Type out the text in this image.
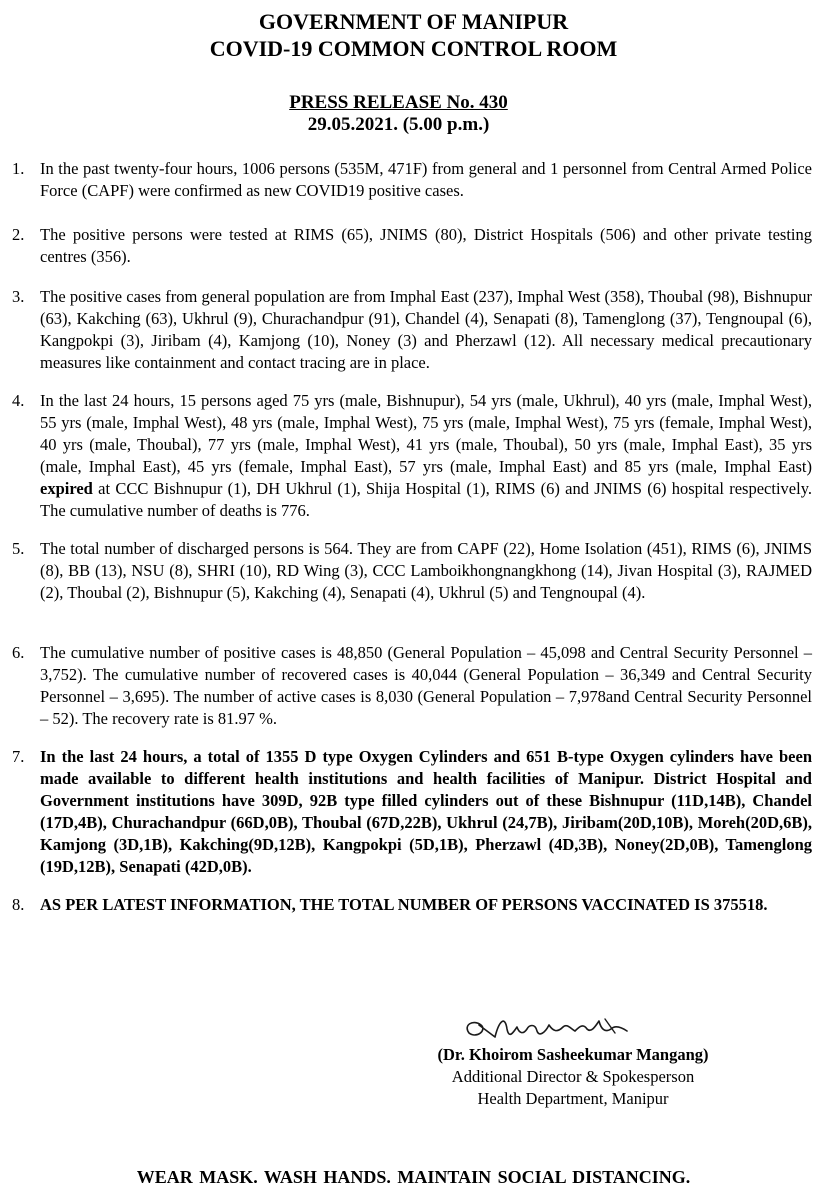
GOVERNMENT OF MANIPUR
COVID-19 COMMON CONTROL ROOM
PRESS RELEASE No. 430
29.05.2021. (5.00 p.m.)
1. In the past twenty-four hours, 1006 persons (535M, 471F) from general and 1 personnel from Central Armed Police Force (CAPF) were confirmed as new COVID19 positive cases.
2. The positive persons were tested at RIMS (65), JNIMS (80), District Hospitals (506) and other private testing centres (356).
3. The positive cases from general population are from Imphal East (237), Imphal West (358), Thoubal (98), Bishnupur (63), Kakching (63), Ukhrul (9), Churachandpur (91), Chandel (4), Senapati (8), Tamenglong (37), Tengnoupal (6), Kangpokpi (3), Jiribam (4), Kamjong (10), Noney (3) and Pherzawl (12). All necessary medical precautionary measures like containment and contact tracing are in place.
4. In the last 24 hours, 15 persons aged 75 yrs (male, Bishnupur), 54 yrs (male, Ukhrul), 40 yrs (male, Imphal West), 55 yrs (male, Imphal West), 48 yrs (male, Imphal West), 75 yrs (male, Imphal West), 75 yrs (female, Imphal West), 40 yrs (male, Thoubal), 77 yrs (male, Imphal West), 41 yrs (male, Thoubal), 50 yrs (male, Imphal East), 35 yrs (male, Imphal East), 45 yrs (female, Imphal East), 57 yrs (male, Imphal East) and 85 yrs (male, Imphal East) expired at CCC Bishnupur (1), DH Ukhrul (1), Shija Hospital (1), RIMS (6) and JNIMS (6) hospital respectively. The cumulative number of deaths is 776.
5. The total number of discharged persons is 564. They are from CAPF (22), Home Isolation (451), RIMS (6), JNIMS (8), BB (13), NSU (8), SHRI (10), RD Wing (3), CCC Lamboikhongnangkhong (14), Jivan Hospital (3), RAJMED (2), Thoubal (2), Bishnupur (5), Kakching (4), Senapati (4), Ukhrul (5) and Tengnoupal (4).
6. The cumulative number of positive cases is 48,850 (General Population – 45,098 and Central Security Personnel – 3,752). The cumulative number of recovered cases is 40,044 (General Population – 36,349 and Central Security Personnel – 3,695). The number of active cases is 8,030 (General Population – 7,978and Central Security Personnel – 52). The recovery rate is 81.97 %.
7. In the last 24 hours, a total of 1355 D type Oxygen Cylinders and 651 B-type Oxygen cylinders have been made available to different health institutions and health facilities of Manipur. District Hospital and Government institutions have 309D, 92B type filled cylinders out of these Bishnupur (11D,14B), Chandel (17D,4B), Churachandpur (66D,0B), Thoubal (67D,22B), Ukhrul (24,7B), Jiribam(20D,10B), Moreh(20D,6B), Kamjong (3D,1B), Kakching(9D,12B), Kangpokpi (5D,1B), Pherzawl (4D,3B), Noney(2D,0B), Tamenglong (19D,12B), Senapati (42D,0B).
8. AS PER LATEST INFORMATION, THE TOTAL NUMBER OF PERSONS VACCINATED IS 375518.
(Dr. Khoirom Sasheekumar Mangang)
Additional Director & Spokesperson
Health Department, Manipur
WEAR MASK. WASH HANDS. MAINTAIN SOCIAL DISTANCING.
